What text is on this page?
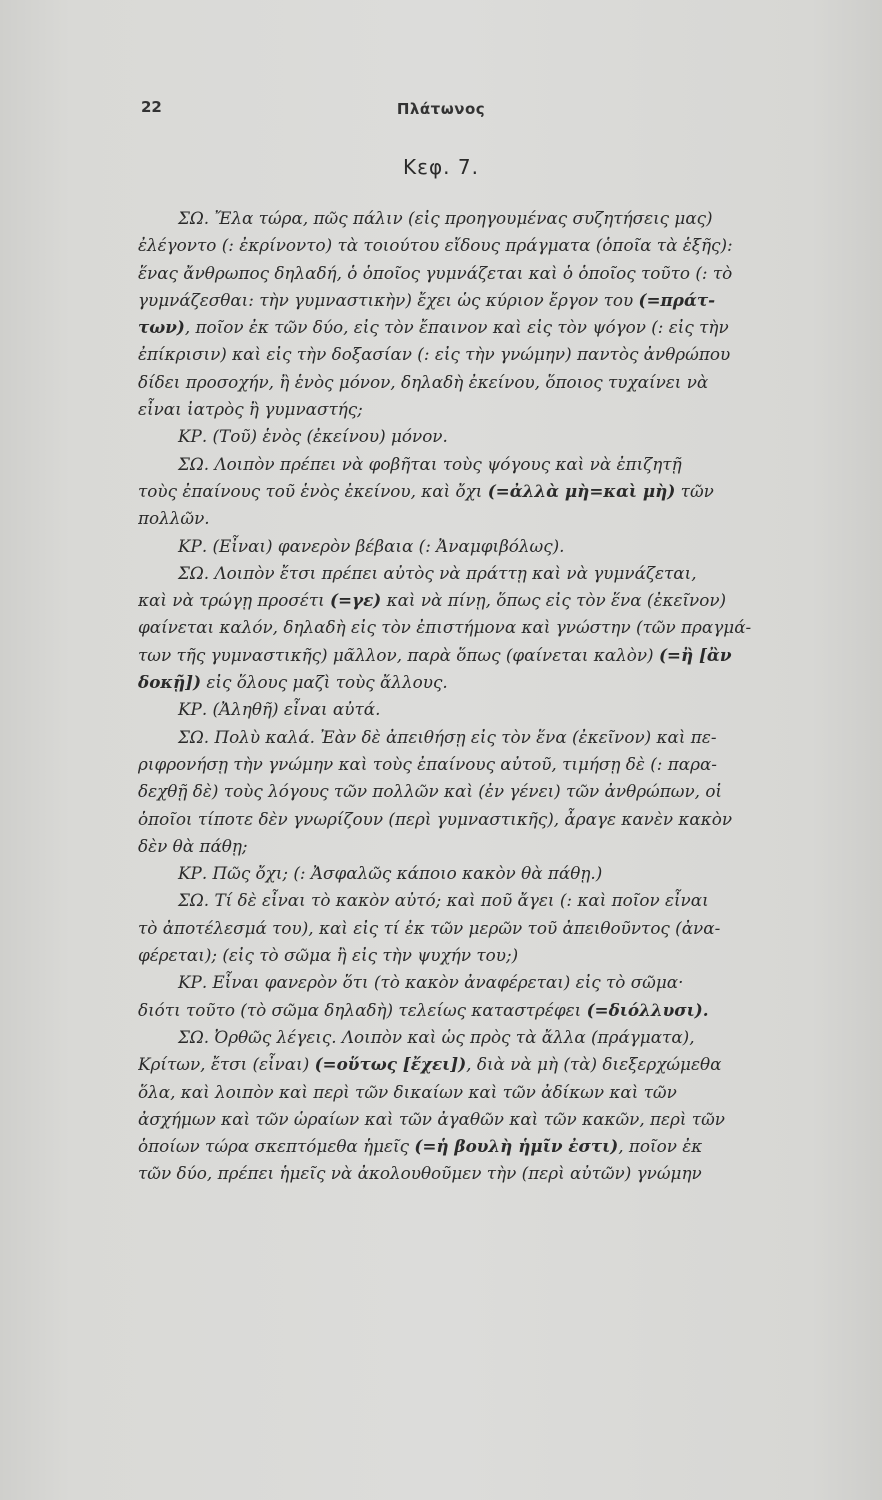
22	Πλάτωνος
Κεφ. 7.
ΣΩ. Ἔλα τώρα, πῶς πάλιν (εἰς προηγουμένας συζητήσεις μας)
ἐλέγοντο (: ἐκρίνοντο) τὰ τοιούτου εἴδους πράγματα (ὁποῖα τὰ ἑξῆς):
ἕνας ἄνθρωπος δηλαδή, ὁ ὁποῖος γυμνάζεται καὶ ὁ ὁποῖος τοῦτο (: τὸ
γυμνάζεσθαι: τὴν γυμναστικὴν) ἔχει ὡς κύριον ἔργον του (=πράτ-
των), ποῖον ἐκ τῶν δύο, εἰς τὸν ἔπαινον καὶ εἰς τὸν ψόγον (: εἰς τὴν
ἐπίκρισιν) καὶ εἰς τὴν δοξασίαν (: εἰς τὴν γνώμην) παντὸς ἀνθρώπου
δίδει προσοχήν, ἢ ἑνὸς μόνον, δηλαδὴ ἐκείνου, ὅποιος τυχαίνει νὰ
εἶναι ἰατρὸς ἢ γυμναστής;
ΚΡ. (Τοῦ) ἑνὸς (ἐκείνου) μόνον.
ΣΩ. Λοιπὸν πρέπει νὰ φοβῆται τοὺς ψόγους καὶ νὰ ἐπιζητῇ
τοὺς ἐπαίνους τοῦ ἑνὸς ἐκείνου, καὶ ὄχι (=ἀλλὰ μὴ=καὶ μὴ) τῶν
πολλῶν.
ΚΡ. (Εἶναι) φανερὸν βέβαια (: Ἀναμφιβόλως).
ΣΩ. Λοιπὸν ἔτσι πρέπει αὐτὸς νὰ πράττῃ καὶ νὰ γυμνάζεται,
καὶ νὰ τρώγῃ προσέτι (=γε) καὶ νὰ πίνῃ, ὅπως εἰς τὸν ἕνα (ἐκεῖνον)
φαίνεται καλόν, δηλαδὴ εἰς τὸν ἐπιστήμονα καὶ γνώστην (τῶν πραγμά-
των τῆς γυμναστικῆς) μᾶλλον, παρὰ ὅπως (φαίνεται καλὸν) (=ἢ [ἂν
δοκῇ]) εἰς ὅλους μαζὶ τοὺς ἄλλους.
ΚΡ. (Ἀληθῆ) εἶναι αὐτά.
ΣΩ. Πολὺ καλά. Ἐὰν δὲ ἀπειθήσῃ εἰς τὸν ἕνα (ἐκεῖνον) καὶ πε-
ριφρονήσῃ τὴν γνώμην καὶ τοὺς ἐπαίνους αὐτοῦ, τιμήσῃ δὲ (: παρα-
δεχθῇ δὲ) τοὺς λόγους τῶν πολλῶν καὶ (ἐν γένει) τῶν ἀνθρώπων, οἱ
ὁποῖοι τίποτε δὲν γνωρίζουν (περὶ γυμναστικῆς), ἆραγε κανὲν κακὸν
δὲν θὰ πάθῃ;
ΚΡ. Πῶς ὄχι; (: Ἀσφαλῶς κάποιο κακὸν θὰ πάθῃ.)
ΣΩ. Τί δὲ εἶναι τὸ κακὸν αὐτό; καὶ ποῦ ἄγει (: καὶ ποῖον εἶναι
τὸ ἀποτέλεσμά του), καὶ εἰς τί ἐκ τῶν μερῶν τοῦ ἀπειθοῦντος (ἀνα-
φέρεται); (εἰς τὸ σῶμα ἢ εἰς τὴν ψυχήν του;)
ΚΡ. Εἶναι φανερὸν ὅτι (τὸ κακὸν ἀναφέρεται) εἰς τὸ σῶμα·
διότι τοῦτο (τὸ σῶμα δηλαδὴ) τελείως καταστρέφει (=διόλλυσι).
ΣΩ. Ὀρθῶς λέγεις. Λοιπὸν καὶ ὡς πρὸς τὰ ἄλλα (πράγματα),
Κρίτων, ἔτσι (εἶναι) (=οὕτως [ἔχει]), διὰ νὰ μὴ (τὰ) διεξερχώμεθα
ὅλα, καὶ λοιπὸν καὶ περὶ τῶν δικαίων καὶ τῶν ἀδίκων καὶ τῶν
ἀσχήμων καὶ τῶν ὡραίων καὶ τῶν ἀγαθῶν καὶ τῶν κακῶν, περὶ τῶν
ὁποίων τώρα σκεπτόμεθα ἡμεῖς (=ἡ βουλὴ ἡμῖν ἐστι), ποῖον ἐκ
τῶν δύο, πρέπει ἡμεῖς νὰ ἀκολουθοῦμεν τὴν (περὶ αὐτῶν) γνώμην
